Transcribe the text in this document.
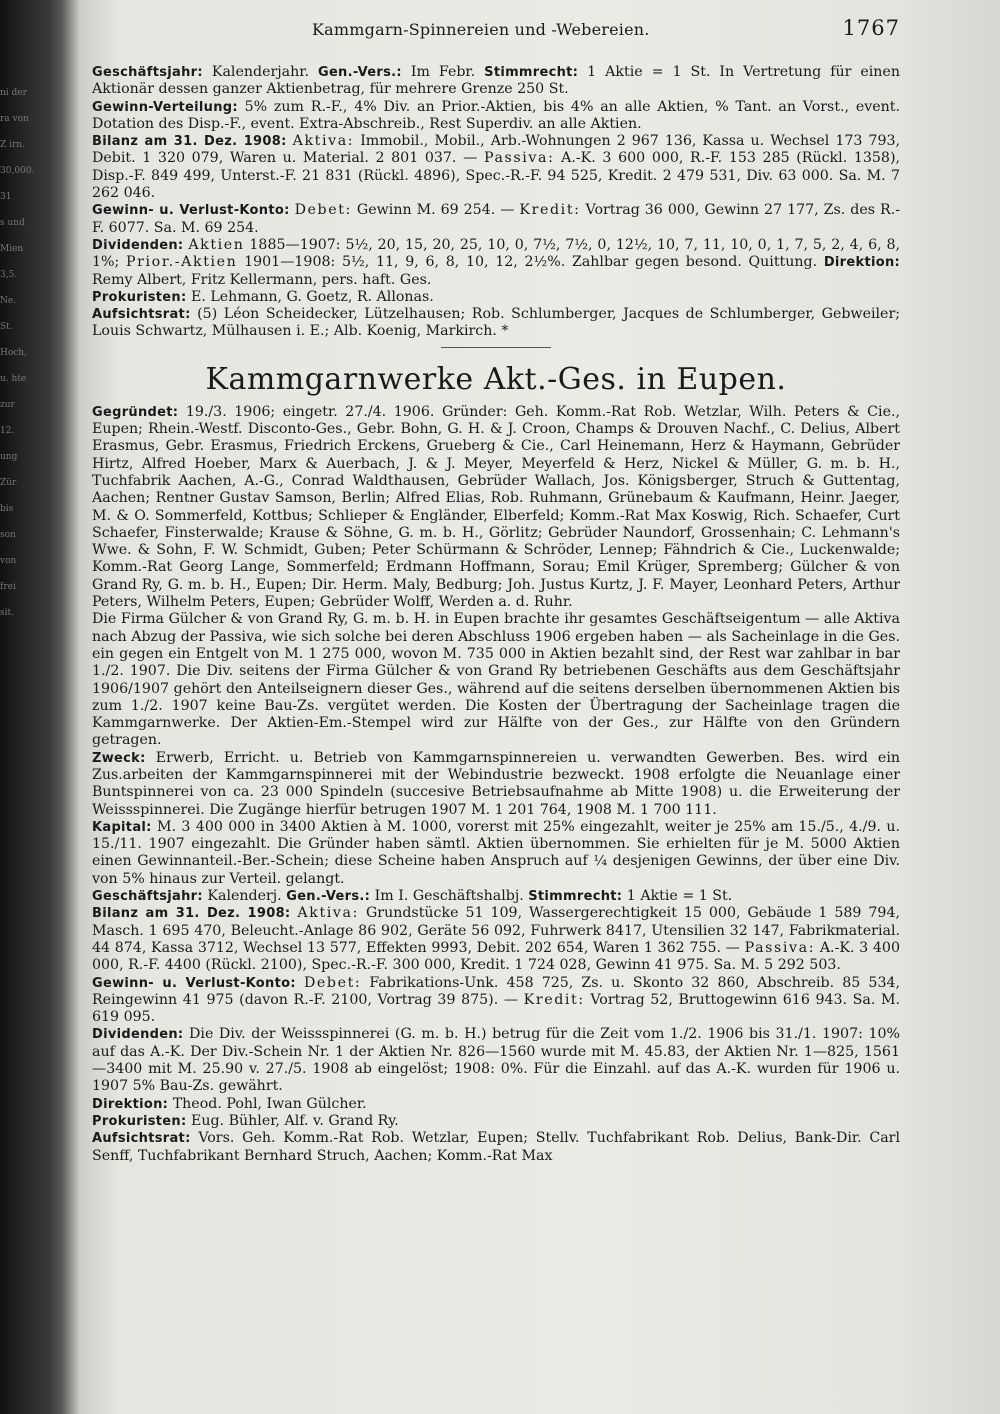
ni der
ra von
Z irn.
30,000.
31
s und
Mien
3,5.
Ne.
St.
Hoch,
u. hte
zur
12.
ung
Zür
bis
son
von
frei
sit.
Kammgarn-Spinnereien und -Webereien.	1767

Geschäftsjahr: Kalenderjahr. Gen.-Vers.: Im Febr. Stimmrecht: 1 Aktie = 1 St. In Vertretung für einen Aktionär dessen ganzer Aktienbetrag, für mehrere Grenze 250 St.

Gewinn-Verteilung: 5% zum R.-F., 4% Div. an Prior.-Aktien, bis 4% an alle Aktien, % Tant. an Vorst., event. Dotation des Disp.-F., event. Extra-Abschreib., Rest Superdiv. an alle Aktien.

Bilanz am 31. Dez. 1908: Aktiva: Immobil., Mobil., Arb.-Wohnungen 2 967 136, Kassa u. Wechsel 173 793, Debit. 1 320 079, Waren u. Material. 2 801 037. — Passiva: A.-K. 3 600 000, R.-F. 153 285 (Rückl. 1358), Disp.-F. 849 499, Unterst.-F. 21 831 (Rückl. 4896), Spec.-R.-F. 94 525, Kredit. 2 479 531, Div. 63 000. Sa. M. 7 262 046.

Gewinn- u. Verlust-Konto: Debet: Gewinn M. 69 254. — Kredit: Vortrag 36 000, Gewinn 27 177, Zs. des R.-F. 6077. Sa. M. 69 254.

Dividenden: Aktien 1885—1907: 5½, 20, 15, 20, 25, 10, 0, 7½, 7½, 0, 12½, 10, 7, 11, 10, 0, 1, 7, 5, 2, 4, 6, 8, 1%; Prior.-Aktien 1901—1908: 5½, 11, 9, 6, 8, 10, 12, 2½%. Zahlbar gegen besond. Quittung. Direktion: Remy Albert, Fritz Kellermann, pers. haft. Ges.

Prokuristen: E. Lehmann, G. Goetz, R. Allonas.

Aufsichtsrat: (5) Léon Scheidecker, Lützelhausen; Rob. Schlumberger, Jacques de Schlumberger, Gebweiler; Louis Schwartz, Mülhausen i. E.; Alb. Koenig, Markirch. *

Kammgarnwerke Akt.-Ges. in Eupen.

Gegründet: 19./3. 1906; eingetr. 27./4. 1906. Gründer: Geh. Komm.-Rat Rob. Wetzlar, Wilh. Peters & Cie., Eupen; Rhein.-Westf. Disconto-Ges., Gebr. Bohn, G. H. & J. Croon, Champs & Drouven Nachf., C. Delius, Albert Erasmus, Gebr. Erasmus, Friedrich Erckens, Grueberg & Cie., Carl Heinemann, Herz & Haymann, Gebrüder Hirtz, Alfred Hoeber, Marx & Auerbach, J. & J. Meyer, Meyerfeld & Herz, Nickel & Müller, G. m. b. H., Tuchfabrik Aachen, A.-G., Conrad Waldthausen, Gebrüder Wallach, Jos. Königsberger, Struch & Guttentag, Aachen; Rentner Gustav Samson, Berlin; Alfred Elias, Rob. Ruhmann, Grünebaum & Kaufmann, Heinr. Jaeger, M. & O. Sommerfeld, Kottbus; Schlieper & Engländer, Elberfeld; Komm.-Rat Max Koswig, Rich. Schaefer, Curt Schaefer, Finsterwalde; Krause & Söhne, G. m. b. H., Görlitz; Gebrüder Naundorf, Grossenhain; C. Lehmann's Wwe. & Sohn, F. W. Schmidt, Guben; Peter Schürmann & Schröder, Lennep; Fähndrich & Cie., Luckenwalde; Komm.-Rat Georg Lange, Sommerfeld; Erdmann Hoffmann, Sorau; Emil Krüger, Spremberg; Gülcher & von Grand Ry, G. m. b. H., Eupen; Dir. Herm. Maly, Bedburg; Joh. Justus Kurtz, J. F. Mayer, Leonhard Peters, Arthur Peters, Wilhelm Peters, Eupen; Gebrüder Wolff, Werden a. d. Ruhr.

Die Firma Gülcher & von Grand Ry, G. m. b. H. in Eupen brachte ihr gesamtes Geschäftseigentum — alle Aktiva nach Abzug der Passiva, wie sich solche bei deren Abschluss 1906 ergeben haben — als Sacheinlage in die Ges. ein gegen ein Entgelt von M. 1 275 000, wovon M. 735 000 in Aktien bezahlt sind, der Rest war zahlbar in bar 1./2. 1907. Die Div. seitens der Firma Gülcher & von Grand Ry betriebenen Geschäfts aus dem Geschäftsjahr 1906/1907 gehört den Anteilseignern dieser Ges., während auf die seitens derselben übernommenen Aktien bis zum 1./2. 1907 keine Bau-Zs. vergütet werden. Die Kosten der Übertragung der Sacheinlage tragen die Kammgarnwerke. Der Aktien-Em.-Stempel wird zur Hälfte von der Ges., zur Hälfte von den Gründern getragen.

Zweck: Erwerb, Erricht. u. Betrieb von Kammgarnspinnereien u. verwandten Gewerben. Bes. wird ein Zus.arbeiten der Kammgarnspinnerei mit der Webindustrie bezweckt. 1908 erfolgte die Neuanlage einer Buntspinnerei von ca. 23 000 Spindeln (succesive Betriebsaufnahme ab Mitte 1908) u. die Erweiterung der Weissspinnerei. Die Zugänge hierfür betrugen 1907 M. 1 201 764, 1908 M. 1 700 111.

Kapital: M. 3 400 000 in 3400 Aktien à M. 1000, vorerst mit 25% eingezahlt, weiter je 25% am 15./5., 4./9. u. 15./11. 1907 eingezahlt. Die Gründer haben sämtl. Aktien übernommen. Sie erhielten für je M. 5000 Aktien einen Gewinnanteil.-Ber.-Schein; diese Scheine haben Anspruch auf ¼ desjenigen Gewinns, der über eine Div. von 5% hinaus zur Verteil. gelangt.

Geschäftsjahr: Kalenderj. Gen.-Vers.: Im I. Geschäftshalbj. Stimmrecht: 1 Aktie = 1 St.

Bilanz am 31. Dez. 1908: Aktiva: Grundstücke 51 109, Wassergerechtigkeit 15 000, Gebäude 1 589 794, Masch. 1 695 470, Beleucht.-Anlage 86 902, Geräte 56 092, Fuhrwerk 8417, Utensilien 32 147, Fabrikmaterial. 44 874, Kassa 3712, Wechsel 13 577, Effekten 9993, Debit. 202 654, Waren 1 362 755. — Passiva: A.-K. 3 400 000, R.-F. 4400 (Rückl. 2100), Spec.-R.-F. 300 000, Kredit. 1 724 028, Gewinn 41 975. Sa. M. 5 292 503.

Gewinn- u. Verlust-Konto: Debet: Fabrikations-Unk. 458 725, Zs. u. Skonto 32 860, Abschreib. 85 534, Reingewinn 41 975 (davon R.-F. 2100, Vortrag 39 875). — Kredit: Vortrag 52, Bruttogewinn 616 943. Sa. M. 619 095.

Dividenden: Die Div. der Weissspinnerei (G. m. b. H.) betrug für die Zeit vom 1./2. 1906 bis 31./1. 1907: 10% auf das A.-K. Der Div.-Schein Nr. 1 der Aktien Nr. 826—1560 wurde mit M. 45.83, der Aktien Nr. 1—825, 1561—3400 mit M. 25.90 v. 27./5. 1908 ab eingelöst; 1908: 0%. Für die Einzahl. auf das A.-K. wurden für 1906 u. 1907 5% Bau-Zs. gewährt.

Direktion: Theod. Pohl, Iwan Gülcher.

Prokuristen: Eug. Bühler, Alf. v. Grand Ry.

Aufsichtsrat: Vors. Geh. Komm.-Rat Rob. Wetzlar, Eupen; Stellv. Tuchfabrikant Rob. Delius, Bank-Dir. Carl Senff, Tuchfabrikant Bernhard Struch, Aachen; Komm.-Rat Max
